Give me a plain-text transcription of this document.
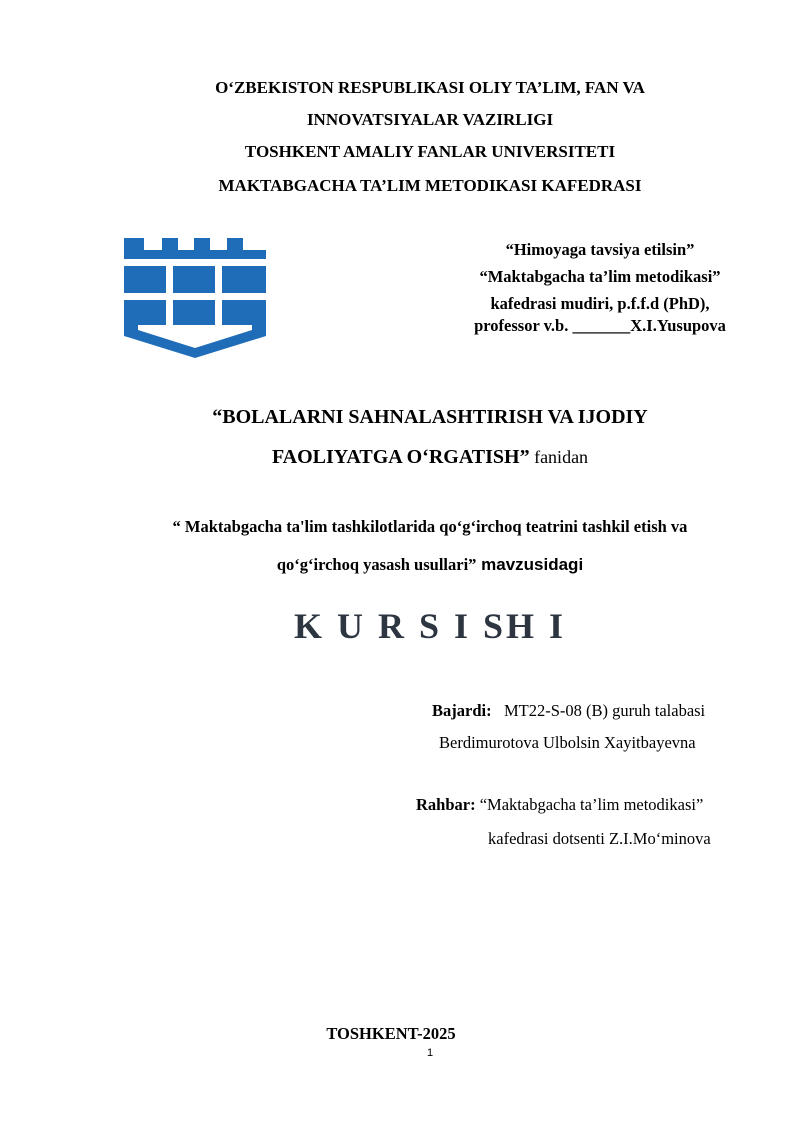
O‘ZBEKISTON RESPUBLIKASI OLIY TA’LIM, FAN VA
INNOVATSIYALAR VAZIRLIGI
TOSHKENT AMALIY FANLAR UNIVERSITETI
MAKTABGACHA TA’LIM METODIKASI KAFEDRASI
“Himoyaga tavsiya etilsin”
“Maktabgacha ta’lim metodikasi”
kafedrasi mudiri, p.f.f.d (PhD),
professor v.b. _______X.I.Yusupova
“BOLALARNI SAHNALASHTIRISH VA IJODIY
FAOLIYATGA O‘RGATISH” fanidan
“ Maktabgacha ta'lim tashkilotlarida qo‘g‘irchoq teatrini tashkil etish va
qo‘g‘irchoq yasash usullari” mavzusidagi
K U R S I SH I
Bajardi:   MT22-S-08 (B) guruh talabasi
Berdimurotova Ulbolsin Xayitbayevna
Rahbar: “Maktabgacha ta’lim metodikasi”
kafedrasi dotsenti Z.I.Mo‘minova
TOSHKENT-2025
1
